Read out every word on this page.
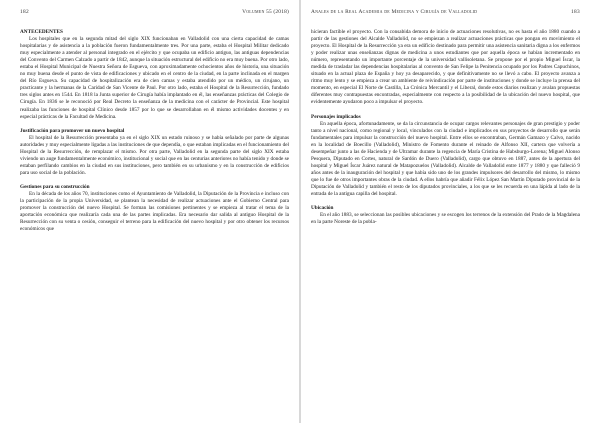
182	Volumen 55 (2018)

ANTECEDENTES

Los hospitales que en la segunda mitad del siglo XIX funcionaban en Valladolid con una cierta capacidad de camas hospitalarias y de asistencia a la población fueron fundamentalmente tres. Por una parte, estaba el Hospital Militar dedicado muy especialmente a atender al personal integrado en el ejército y que ocupaba un edificio antiguo, las antiguas dependencias del Convento del Carmen Calzado a partir de 1842, aunque la situación estructural del edificio no era muy buena. Por otro lado, estaba el Hospital Municipal de Nuestra Señora de Esgueva, con aproximadamente ochocientos años de historia, una situación no muy buena desde el punto de vista de edificaciones y ubicado en el centro de la ciudad, en la parte inclinada en el margen del Río Esgueva. Su capacidad de hospitalización era de cien camas y estaba atendido por un médico, un cirujano, un practicante y la hermanas de la Caridad de San Vicente de Paul. Por otro lado, estaba el Hospital de la Resurrección, fundado tres siglos antes en 1544. En 1818 la Junta superior de Cirugía había implantado en él, las enseñanzas prácticas del Colegio de Cirugía. En 1836 se le reconoció por Real Decreto la enseñanza de la medicina con el carácter de Provincial. Este hospital realizaba las funciones de hospital Clínico desde 1857 por lo que se desarrollaban en él mismo actividades docentes y en especial prácticas de la Facultad de Medicina.

Justificación para promover un nuevo hospital

El hospital de la Resurrección presentaba ya en el siglo XIX un estado ruinoso y se había señalado por parte de algunas autoridades y muy especialmente ligadas a las instituciones de que dependía, o que estaban implicadas en el funcionamiento del Hospital de la Resurrección, de remplazar el mismo. Por otra parte, Valladolid en la segunda parte del siglo XIX estaba viviendo un auge fundamentalmente económico, institucional y social que en las centurias anteriores no había tenido y donde se estaban perfilando cambios en la ciudad en sus instituciones, pero también en su urbanismo y en la construcción de edificios para uso social de la población.

Gestiones para su construcción

En la década de los años 70, instituciones como el Ayuntamiento de Valladolid, la Diputación de la Provincia e incluso con la participación de la propia Universidad, se plantean la necesidad de realizar actuaciones ante el Gobierno Central para promover la construcción del nuevo Hospital. Se forman las comisiones pertinentes y se empieza al tratar el tema de la aportación económica que realizaría cada una de las partes implicadas. Era necesario dar salida al antiguo Hospital de la Resurrección con su venta o cesión, conseguir el terreno para la edificación del nuevo hospital y por otro obtener los recursos económicos que

Anales de la Real Academia de Medicina y Cirugía de Valladolid	183

hicieran factible el proyecto. Con la consabida demora de inicio de actuaciones resolutivas, no es hasta el año 1880 cuando a partir de las gestiones del Alcalde Valladolid, no se empiezan a realizar actuaciones prácticas que pongan en movimiento el proyecto. El Hospital de la Resurrección ya era un edificio destinado para permitir una asistencia sanitaria digna a los enfermos y poder realizar unas enseñanzas dignas de medicina a unos estudiantes que por aquella época se habían incrementado en número, representando un importante porcentaje de la universidad vallisoletana. Se propone por el propio Miguel Íscar, la medida de trasladar las dependencias hospitalarias al convento de San Felipe la Penitencia ocupado por los Padres Capuchinos, situado en la actual plaza de España y hoy ya desaparecido, y que definitivamente no se llevó a cabo. El proyecto avanza a ritmo muy lento y se empieza a crear un ambiente de reivindicación por parte de instituciones y donde se incluye la prensa del momento, en especial El Norte de Castilla, La Crónica Mercantil y el Liberal, donde estos diarios realizan y avalan propuestas diferentes muy contrapuestas encontradas, especialmente con respecto a la posibilidad de la ubicación del nuevo hospital, que evidentemente ayudaron poco a impulsar el proyecto.

Personajes implicados

En aquella época, afortunadamente, se da la circunstancia de ocupar cargos relevantes personajes de gran prestigio y poder tanto a nivel nacional, como regional y local, vinculados con la ciudad e implicados en sus proyectos de desarrollo que serán fundamentales para impulsar la construcción del nuevo hospital. Entre ellos se encontraban, Germán Gamazo y Calvo, nacido en la localidad de Boecillo (Valladolid), Ministro de Fomento durante el reinado de Alfonso XII, cartera que volvería a desempeñar junto a las de Hacienda y de Ultramar durante la regencia de María Cristina de Habsburgo-Lorena; Miguel Alonso Pesquera, Diputado en Cortes, natural de Sardón de Duero (Valladolid), cargo que obtuvo en 1887, antes de la apertura del hospital y Miguel Íscar Juárez natural de Matapozuelos (Valladolid). Alcalde de Valladolid entre 1877 y 1880 y que falleció 9 años antes de la inauguración del hospital y que había sido uno de los grandes impulsores del desarrollo del mismo, lo mismo que lo fue de otros importantes obras de la ciudad. A ellos habría que añadir Félix López San Martín Diputado provincial de la Diputación de Valladolid y también el resto de los diputados provinciales, a los que se les recuerda en una lápida al lado de la entrada de la antigua capilla del hospital.

Ubicación

En el año 1883, se seleccionan las posibles ubicaciones y se escogen los terrenos de la extensión del Prado de la Magdalena en la parte Noreste de la pobla-
